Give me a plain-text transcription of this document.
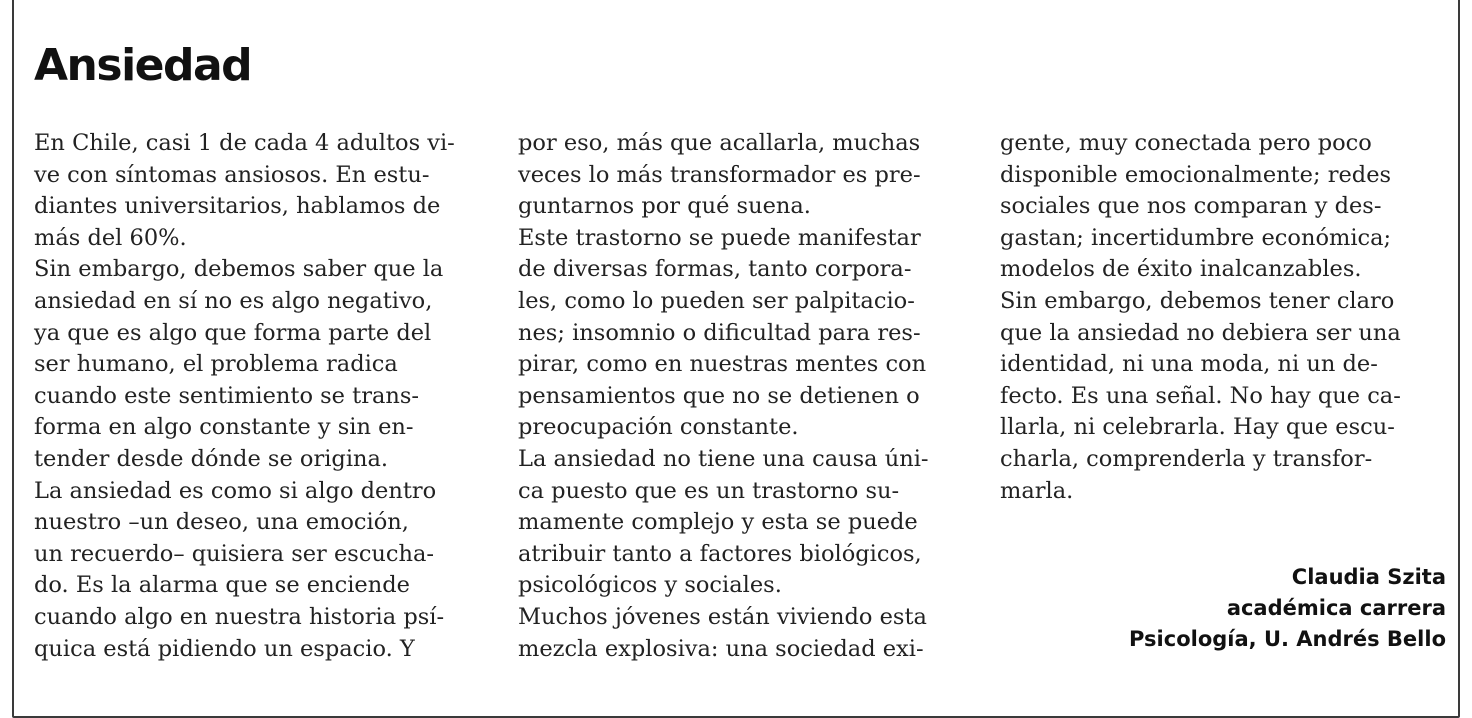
Ansiedad
En Chile, casi 1 de cada 4 adultos vi-
ve con síntomas ansiosos. En estu-
diantes universitarios, hablamos de
más del 60%.
Sin embargo, debemos saber que la
ansiedad en sí no es algo negativo,
ya que es algo que forma parte del
ser humano, el problema radica
cuando este sentimiento se trans-
forma en algo constante y sin en-
tender desde dónde se origina.
La ansiedad es como si algo dentro
nuestro –un deseo, una emoción,
un recuerdo– quisiera ser escucha-
do. Es la alarma que se enciende
cuando algo en nuestra historia psí-
quica está pidiendo un espacio. Y
por eso, más que acallarla, muchas
veces lo más transformador es pre-
guntarnos por qué suena.
Este trastorno se puede manifestar
de diversas formas, tanto corpora-
les, como lo pueden ser palpitacio-
nes; insomnio o dificultad para res-
pirar, como en nuestras mentes con
pensamientos que no se detienen o
preocupación constante.
La ansiedad no tiene una causa úni-
ca puesto que es un trastorno su-
mamente complejo y esta se puede
atribuir tanto a factores biológicos,
psicológicos y sociales.
Muchos jóvenes están viviendo esta
mezcla explosiva: una sociedad exi-
gente, muy conectada pero poco
disponible emocionalmente; redes
sociales que nos comparan y des-
gastan; incertidumbre económica;
modelos de éxito inalcanzables.
Sin embargo, debemos tener claro
que la ansiedad no debiera ser una
identidad, ni una moda, ni un de-
fecto. Es una señal. No hay que ca-
llarla, ni celebrarla. Hay que escu-
charla, comprenderla y transfor-
marla.
Claudia Szita
académica carrera
Psicología, U. Andrés Bello
